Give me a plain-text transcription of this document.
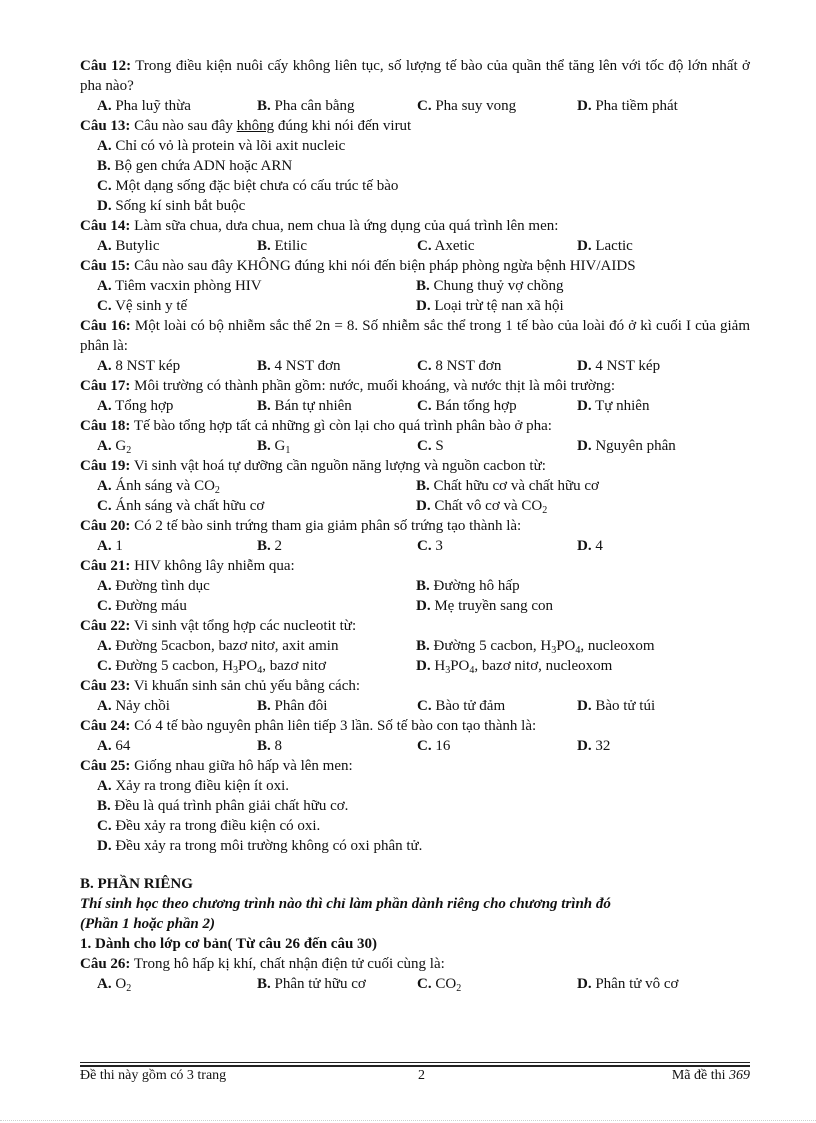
Câu 12: Trong điều kiện nuôi cấy không liên tục, số lượng tế bào của quần thể tăng lên với tốc độ lớn nhất ở pha nào?

A. Pha luỹ thừa	B. Pha cân bằng	C. Pha suy vong	D. Pha tiềm phát

Câu 13: Câu nào sau đây không đúng khi nói đến virut

A. Chỉ có vỏ là protein và lõi axit nucleic
B. Bộ gen chứa ADN hoặc ARN
C. Một dạng sống đặc biệt chưa có cấu trúc tế bào
D. Sống kí sinh bắt buộc

Câu 14: Làm sữa chua, dưa chua, nem chua là ứng dụng của quá trình lên men:

A. Butylic	B. Etilic	C. Axetic	D. Lactic

Câu 15: Câu nào sau đây KHÔNG đúng khi nói đến biện pháp phòng ngừa bệnh HIV/AIDS

A. Tiêm vacxin phòng HIV	B. Chung thuỷ vợ chồng
C. Vệ sinh y tế	D. Loại trừ tệ nan xã hội

Câu 16: Một loài có bộ nhiễm sắc thể 2n = 8. Số nhiễm sắc thể trong 1 tế bào của loài đó ở kì cuối I của giảm phân là:

A. 8 NST kép	B. 4 NST đơn	C. 8 NST đơn	D. 4 NST kép

Câu 17: Môi trường có thành phần gồm: nước, muối khoáng, và nước thịt là môi trường:

A. Tổng hợp	B. Bán tự nhiên	C. Bán tổng hợp	D. Tự nhiên

Câu 18: Tế bào tổng hợp tất cả những gì còn lại cho quá trình phân bào ở pha:

A. $G_2$	B. $G_1$	C. S	D. Nguyên phân

Câu 19: Vi sinh vật hoá tự dưỡng cần nguồn năng lượng và nguồn cacbon từ:

A. Ánh sáng và $CO_2$	B. Chất hữu cơ và chất hữu cơ
C. Ánh sáng và chất hữu cơ	D. Chất vô cơ và $CO_2$

Câu 20: Có 2 tế bào sinh trứng tham gia giảm phân số trứng tạo thành là:

A. 1	B. 2	C. 3	D. 4

Câu 21: HIV không lây nhiễm qua:

A. Đường tình dục	B. Đường hô hấp
C. Đường máu	D. Mẹ truyền sang con

Câu 22: Vi sinh vật tổng hợp các nucleotit từ:

A. Đường 5cacbon, bazơ nitơ, axit amin	B. Đường 5 cacbon, $H_3PO_4$, nucleoxom
C. Đường 5 cacbon, $H_3PO_4$, bazơ nitơ	D. $H_3PO_4$, bazơ nitơ, nucleoxom

Câu 23: Vi khuẩn sinh sản chủ yếu bằng cách:

A. Nảy chồi	B. Phân đôi	C. Bào tử đảm	D. Bào tử túi

Câu 24: Có 4 tế bào nguyên phân liên tiếp 3 lần. Số tế bào con tạo thành là:

A. 64	B. 8	C. 16	D. 32

Câu 25: Giống nhau giữa hô hấp và lên men:

A. Xảy ra trong điều kiện ít oxi.
B. Đều là quá trình phân giải chất hữu cơ.
C. Đều xảy ra trong điều kiện có oxi.
D. Đều xảy ra trong môi trường không có oxi phân tử.

B. PHẦN RIÊNG

Thí sinh học theo chương trình nào thì chỉ làm phần dành riêng cho chương trình đó

(Phần 1 hoặc phần 2)

1. Dành cho lớp cơ bản( Từ câu 26 đến câu 30)

Câu 26: Trong hô hấp kị khí, chất nhận điện tử cuối cùng là:

A. $O_2$	B. Phân tử hữu cơ	C. $CO_2$	D. Phân tử vô cơ
Đề thi này gồm có 3 trang	2	Mã đề thi 369
